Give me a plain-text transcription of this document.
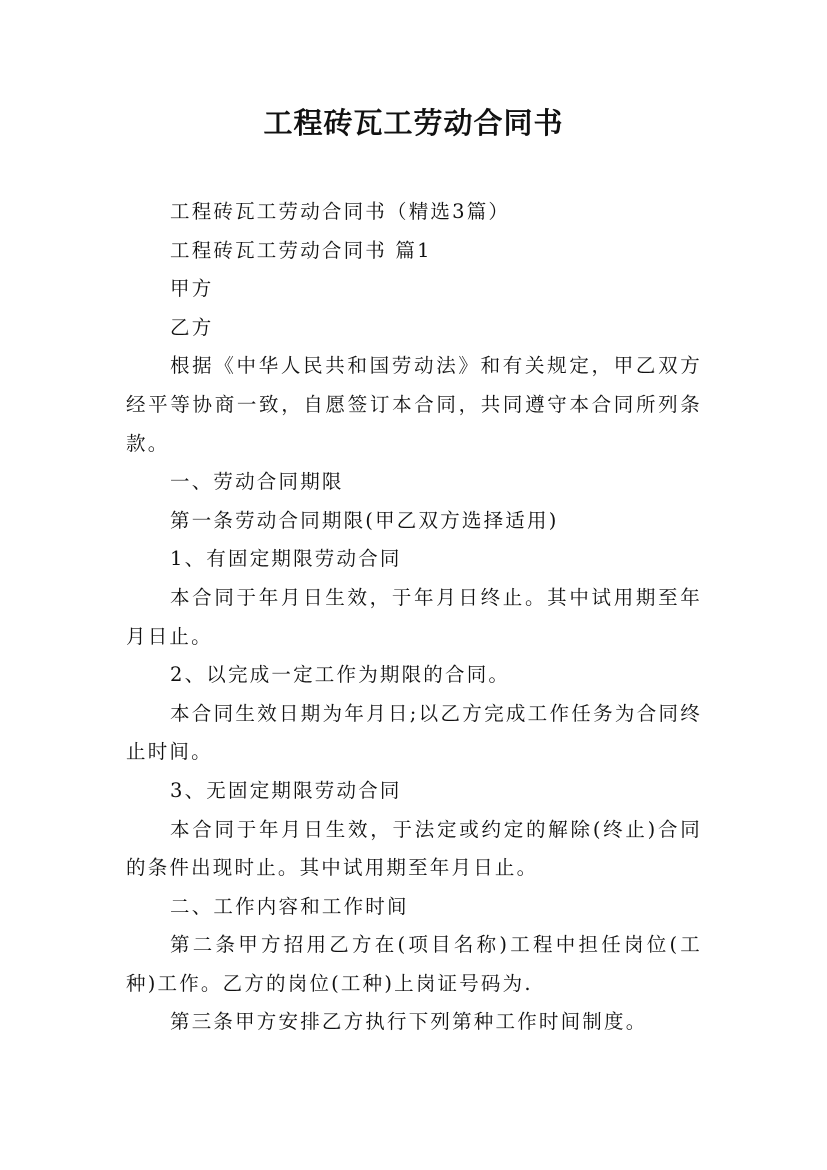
工程砖瓦工劳动合同书

工程砖瓦工劳动合同书（精选3篇）

工程砖瓦工劳动合同书 篇1

甲方

乙方

根据《中华人民共和国劳动法》和有关规定，甲乙双方经平等协商一致，自愿签订本合同，共同遵守本合同所列条款。

一、劳动合同期限

第一条劳动合同期限(甲乙双方选择适用)

1、有固定期限劳动合同

本合同于年月日生效，于年月日终止。其中试用期至年月日止。

2、以完成一定工作为期限的合同。

本合同生效日期为年月日;以乙方完成工作任务为合同终止时间。

3、无固定期限劳动合同

本合同于年月日生效，于法定或约定的解除(终止)合同的条件出现时止。其中试用期至年月日止。

二、工作内容和工作时间

第二条甲方招用乙方在(项目名称)工程中担任岗位(工种)工作。乙方的岗位(工种)上岗证号码为.

第三条甲方安排乙方执行下列第种工作时间制度。
